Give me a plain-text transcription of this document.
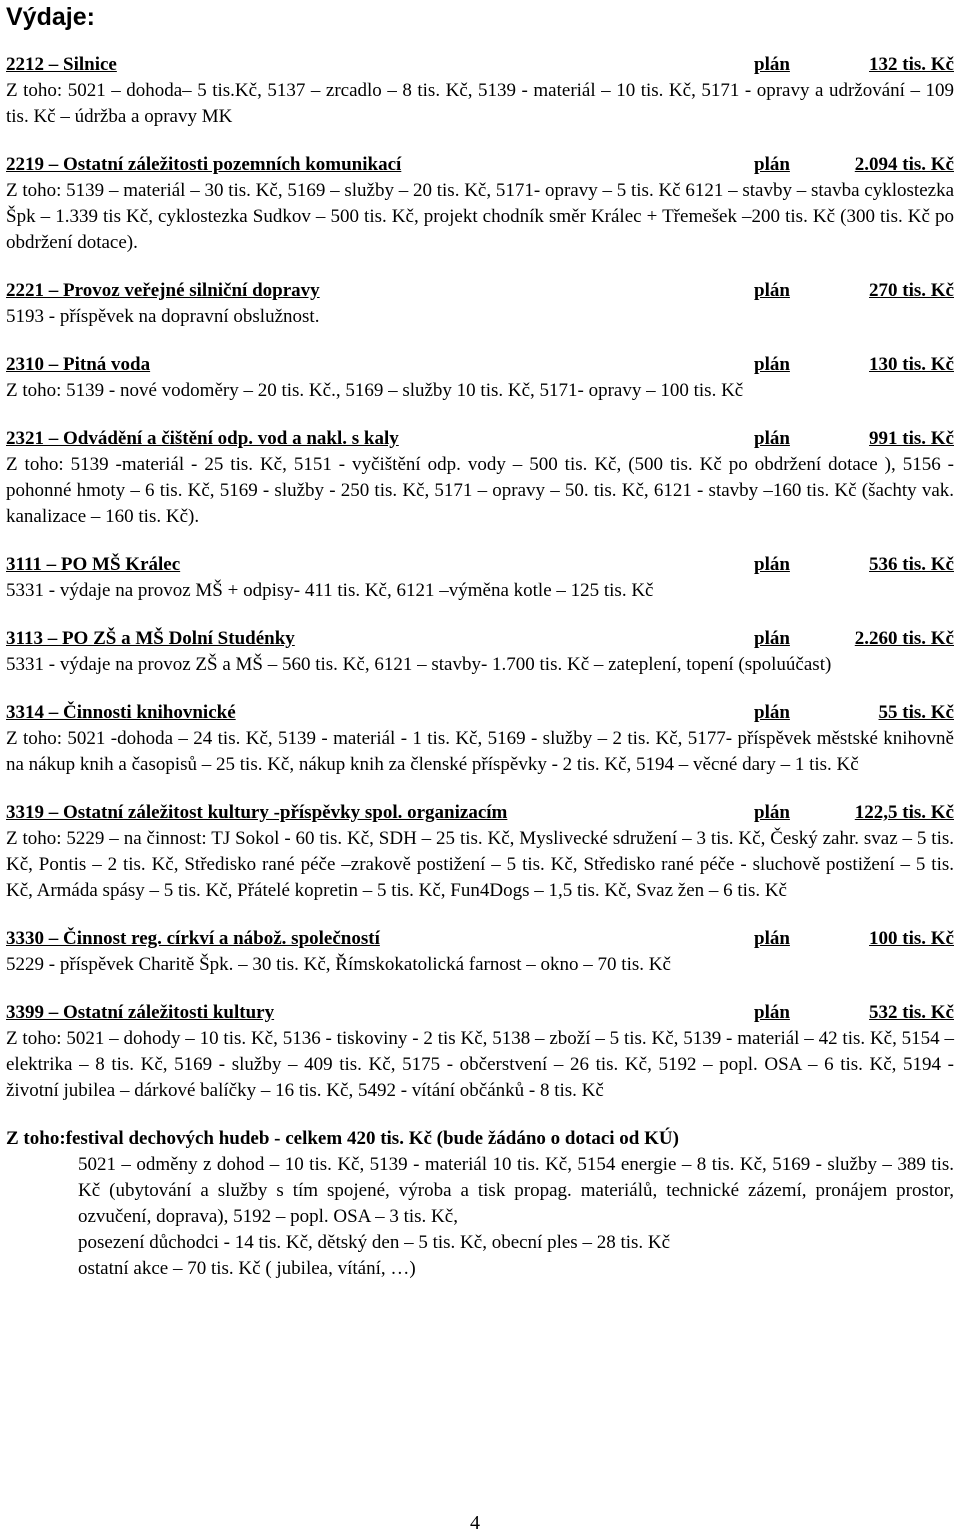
Výdaje:
2212 – Silnice	plán	132 tis. Kč
Z toho: 5021 – dohoda– 5 tis.Kč, 5137 – zrcadlo – 8 tis. Kč, 5139 - materiál – 10 tis. Kč, 5171 - opravy a udržování – 109 tis. Kč – údržba a opravy MK
2219 – Ostatní záležitosti pozemních komunikací	plán	2.094 tis. Kč
Z toho: 5139 – materiál – 30 tis. Kč, 5169 – služby – 20 tis. Kč, 5171- opravy – 5 tis. Kč 6121 – stavby – stavba cyklostezka Špk – 1.339 tis Kč, cyklostezka Sudkov – 500 tis. Kč, projekt chodník směr Králec + Třemešek –200 tis. Kč (300 tis. Kč po obdržení dotace).
2221 – Provoz veřejné silniční dopravy	plán	270 tis. Kč
5193 - příspěvek na dopravní obslužnost.
2310 – Pitná voda	plán	130 tis. Kč
Z toho: 5139 - nové vodoměry – 20 tis. Kč., 5169 – služby 10 tis. Kč, 5171- opravy – 100 tis. Kč
2321 – Odvádění a čištění odp. vod a nakl. s kaly	plán	991 tis. Kč
Z toho: 5139 -materiál - 25 tis. Kč, 5151 - vyčištění odp. vody – 500 tis. Kč, (500 tis. Kč po obdržení dotace ), 5156 - pohonné hmoty – 6 tis. Kč, 5169 - služby - 250 tis. Kč, 5171 – opravy – 50. tis. Kč, 6121 - stavby –160 tis. Kč (šachty vak. kanalizace – 160 tis. Kč).
3111 – PO MŠ Králec	plán	536 tis. Kč
5331 - výdaje na provoz MŠ + odpisy- 411 tis. Kč, 6121 –výměna kotle – 125 tis. Kč
3113 – PO ZŠ a MŠ Dolní Studénky	plán	2.260 tis. Kč
5331 - výdaje na provoz ZŠ a MŠ – 560 tis. Kč, 6121 – stavby- 1.700 tis. Kč – zateplení, topení (spoluúčast)
3314 – Činnosti knihovnické	plán	55 tis. Kč
Z toho: 5021 -dohoda – 24 tis. Kč, 5139 - materiál - 1 tis. Kč, 5169 - služby – 2 tis. Kč, 5177- příspěvek městské knihovně na nákup knih a časopisů – 25 tis. Kč, nákup knih za členské příspěvky - 2 tis. Kč, 5194 – věcné dary – 1 tis. Kč
3319 – Ostatní záležitost kultury -příspěvky spol. organizacím	plán	122,5 tis. Kč
Z toho: 5229 – na činnost: TJ Sokol - 60 tis. Kč, SDH – 25 tis. Kč, Myslivecké sdružení – 3 tis. Kč, Český zahr. svaz – 5 tis. Kč, Pontis – 2 tis. Kč, Středisko rané péče –zrakově postižení – 5 tis. Kč, Středisko rané péče - sluchově postižení – 5 tis. Kč, Armáda spásy – 5 tis. Kč, Přátelé kopretin – 5 tis. Kč, Fun4Dogs – 1,5 tis. Kč, Svaz žen – 6 tis. Kč
3330 – Činnost reg. církví a nábož. společností	plán	100 tis. Kč
5229 - příspěvek Charitě Špk. – 30 tis. Kč, Římskokatolická farnost – okno – 70 tis. Kč
3399 – Ostatní záležitosti kultury	plán	532 tis. Kč
Z toho: 5021 – dohody – 10 tis. Kč, 5136 - tiskoviny - 2 tis Kč, 5138 – zboží – 5 tis. Kč, 5139 - materiál – 42 tis. Kč, 5154 – elektrika – 8 tis. Kč, 5169 - služby – 409 tis. Kč, 5175 - občerstvení – 26 tis. Kč, 5192 – popl. OSA – 6 tis. Kč, 5194 - životní jubilea – dárkové balíčky – 16 tis. Kč, 5492 - vítání občánků - 8 tis. Kč
Z toho:festival dechových hudeb - celkem 420 tis. Kč (bude žádáno o dotaci od KÚ)
5021 – odměny z dohod – 10 tis. Kč, 5139 - materiál 10 tis. Kč, 5154 energie – 8 tis. Kč, 5169 - služby – 389 tis. Kč (ubytování a služby s tím spojené, výroba a tisk propag. materiálů, technické zázemí, pronájem prostor, ozvučení, doprava), 5192 – popl. OSA – 3 tis. Kč,
posezení důchodci - 14 tis. Kč, dětský den – 5 tis. Kč, obecní ples – 28 tis. Kč
ostatní akce – 70 tis. Kč ( jubilea, vítání, …)
4
